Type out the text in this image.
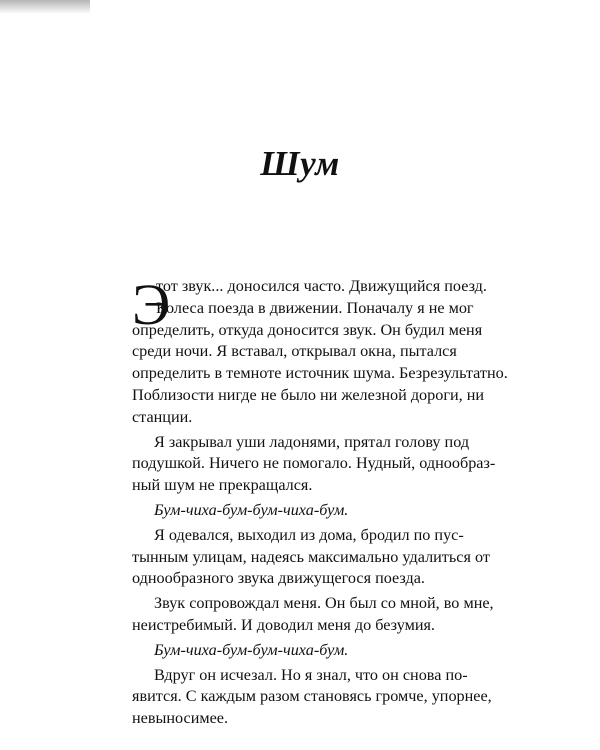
Шум
Э
тот звук... доносился часто. Движущийся поезд.
Колеса поезда в движении. Поначалу я не мог
определить, откуда доносится звук. Он будил меня
среди ночи. Я вставал, открывал окна, пытался
определить в темноте источник шума. Безрезультатно.
Поблизости нигде не было ни железной дороги, ни
станции.
Я закрывал уши ладонями, прятал голову под
подушкой. Ничего не помогало. Нудный, однообраз-
ный шум не прекращался.
Бум-чиха-бум-бум-чиха-бум.
Я одевался, выходил из дома, бродил по пус-
тынным улицам, надеясь максимально удалиться от
однообразного звука движущегося поезда.
Звук сопровождал меня. Он был со мной, во мне,
неистребимый. И доводил меня до безумия.
Бум-чиха-бум-бум-чиха-бум.
Вдруг он исчезал. Но я знал, что он снова по-
явится. С каждым разом становясь громче, упорнее,
невыносимее.
